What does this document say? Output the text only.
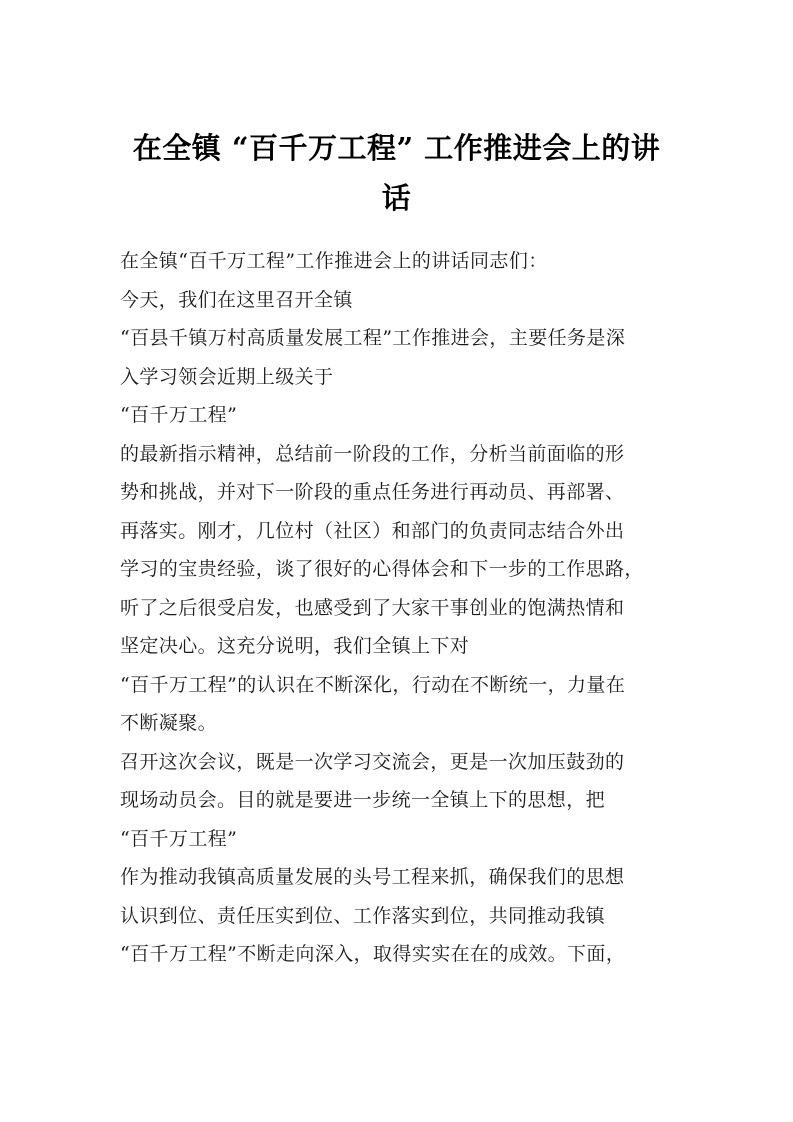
在全镇 “百千万工程” 工作推进会上的讲
话
在全镇“百千万工程”工作推进会上的讲话同志们：
今天，我们在这里召开全镇
“百县千镇万村高质量发展工程”工作推进会，主要任务是深
入学习领会近期上级关于
“百千万工程”
的最新指示精神，总结前一阶段的工作，分析当前面临的形
势和挑战，并对下一阶段的重点任务进行再动员、再部署、
再落实。刚才，几位村（社区）和部门的负责同志结合外出
学习的宝贵经验，谈了很好的心得体会和下一步的工作思路，
听了之后很受启发，也感受到了大家干事创业的饱满热情和
坚定决心。这充分说明，我们全镇上下对
“百千万工程”的认识在不断深化，行动在不断统一，力量在
不断凝聚。
召开这次会议，既是一次学习交流会，更是一次加压鼓劲的
现场动员会。目的就是要进一步统一全镇上下的思想，把
“百千万工程”
作为推动我镇高质量发展的头号工程来抓，确保我们的思想
认识到位、责任压实到位、工作落实到位，共同推动我镇
“百千万工程”不断走向深入，取得实实在在的成效。下面，
